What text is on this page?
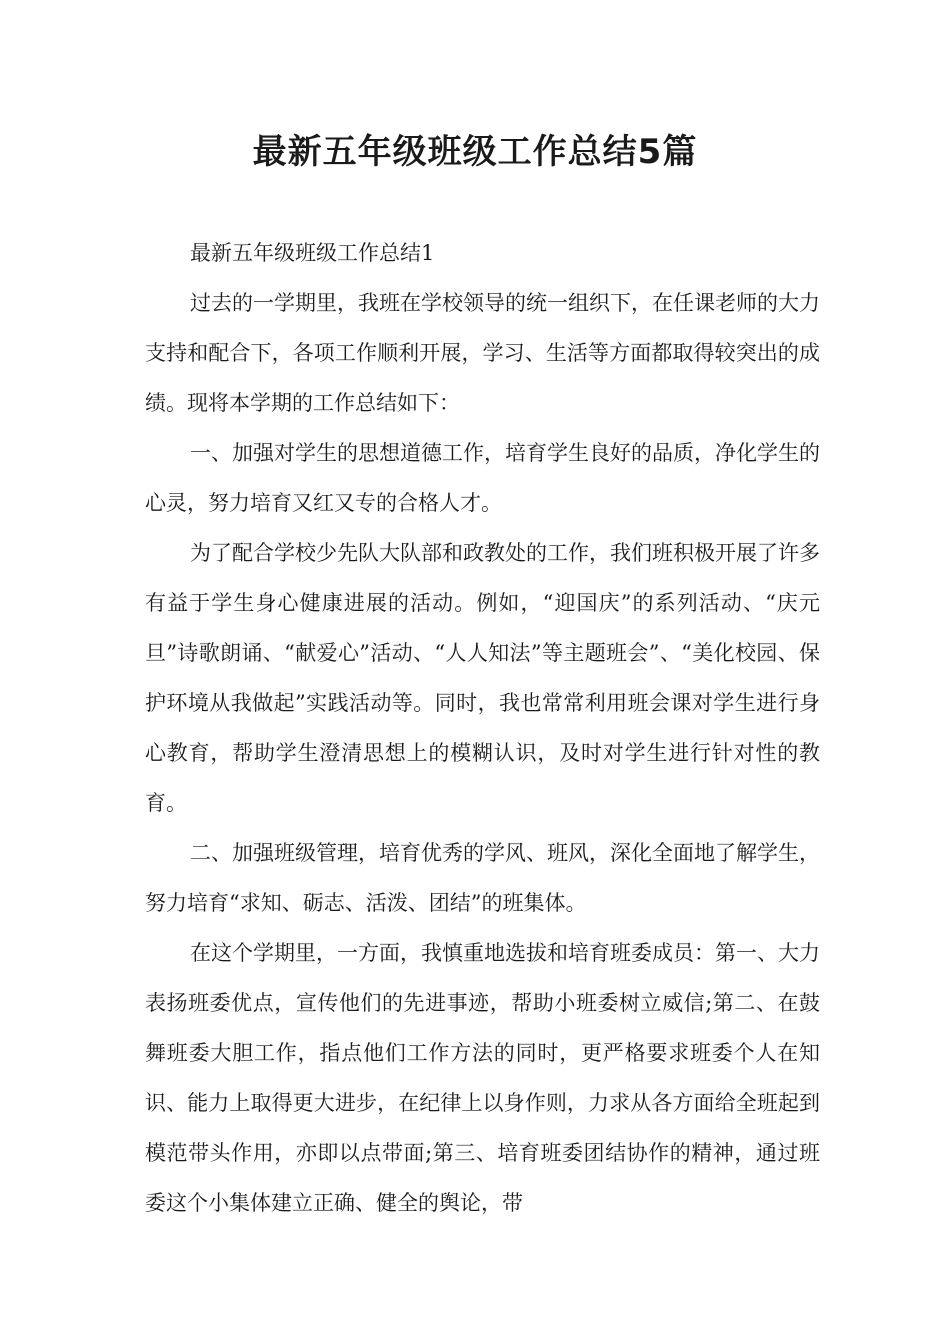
最新五年级班级工作总结5篇

最新五年级班级工作总结1

过去的一学期里，我班在学校领导的统一组织下，在任课老师的大力支持和配合下，各项工作顺利开展，学习、生活等方面都取得较突出的成绩。现将本学期的工作总结如下：

一、加强对学生的思想道德工作，培育学生良好的品质，净化学生的心灵，努力培育又红又专的合格人才。

为了配合学校少先队大队部和政教处的工作，我们班积极开展了许多有益于学生身心健康进展的活动。例如，“迎国庆”的系列活动、“庆元旦”诗歌朗诵、“献爱心”活动、“人人知法”等主题班会”、“美化校园、保护环境从我做起”实践活动等。同时，我也常常利用班会课对学生进行身心教育，帮助学生澄清思想上的模糊认识，及时对学生进行针对性的教育。

二、加强班级管理，培育优秀的学风、班风，深化全面地了解学生，努力培育“求知、砺志、活泼、团结”的班集体。

在这个学期里，一方面，我慎重地选拔和培育班委成员：第一、大力表扬班委优点，宣传他们的先进事迹，帮助小班委树立威信;第二、在鼓舞班委大胆工作，指点他们工作方法的同时，更严格要求班委个人在知识、能力上取得更大进步，在纪律上以身作则，力求从各方面给全班起到模范带头作用，亦即以点带面;第三、培育班委团结协作的精神，通过班委这个小集体建立正确、健全的舆论，带
